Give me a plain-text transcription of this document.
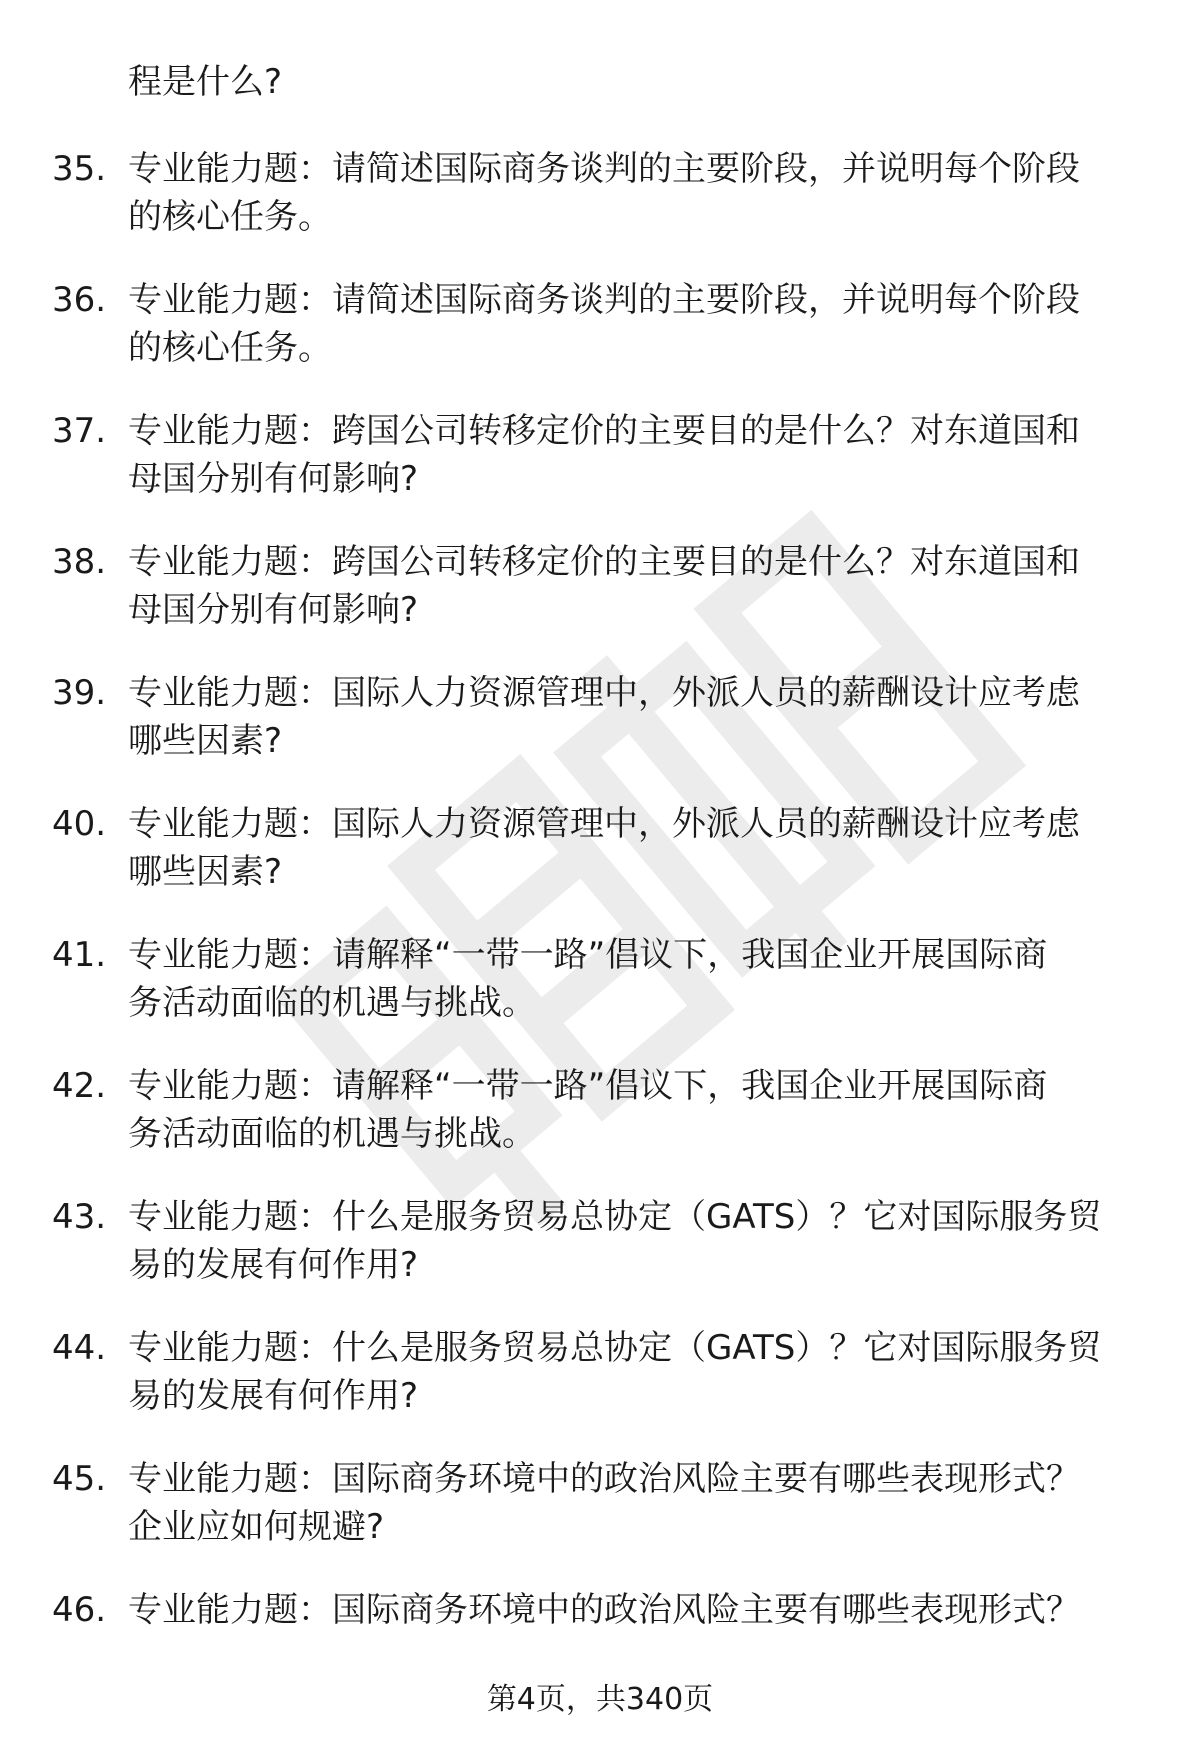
程是什么?
35. 专业能力题：请简述国际商务谈判的主要阶段，并说明每个阶段
的核心任务。
36. 专业能力题：请简述国际商务谈判的主要阶段，并说明每个阶段
的核心任务。
37. 专业能力题：跨国公司转移定价的主要目的是什么？对东道国和
母国分别有何影响?
38. 专业能力题：跨国公司转移定价的主要目的是什么？对东道国和
母国分别有何影响?
39. 专业能力题：国际人力资源管理中，外派人员的薪酬设计应考虑
哪些因素?
40. 专业能力题：国际人力资源管理中，外派人员的薪酬设计应考虑
哪些因素?
41. 专业能力题：请解释“一带一路”倡议下，我国企业开展国际商
务活动面临的机遇与挑战。
42. 专业能力题：请解释“一带一路”倡议下，我国企业开展国际商
务活动面临的机遇与挑战。
43. 专业能力题：什么是服务贸易总协定（GATS）？它对国际服务贸
易的发展有何作用?
44. 专业能力题：什么是服务贸易总协定（GATS）？它对国际服务贸
易的发展有何作用?
45. 专业能力题：国际商务环境中的政治风险主要有哪些表现形式？
企业应如何规避?
46. 专业能力题：国际商务环境中的政治风险主要有哪些表现形式？
第4页，共340页
